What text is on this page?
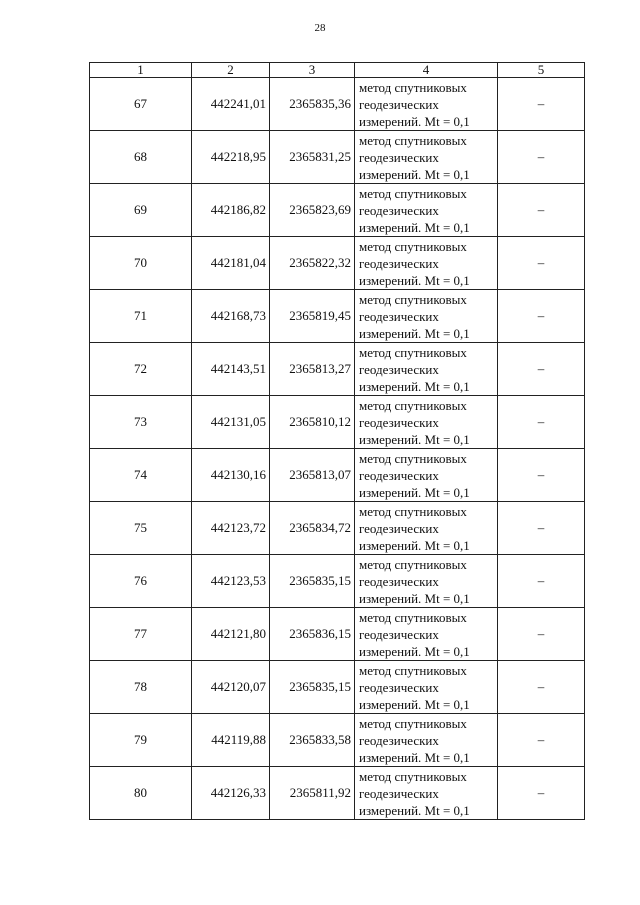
28
1	2	3	4	5
67	442241,01	2365835,36	метод спутниковых
геодезических
измерений. Mt = 0,1	–
68	442218,95	2365831,25	метод спутниковых
геодезических
измерений. Mt = 0,1	–
69	442186,82	2365823,69	метод спутниковых
геодезических
измерений. Mt = 0,1	–
70	442181,04	2365822,32	метод спутниковых
геодезических
измерений. Mt = 0,1	–
71	442168,73	2365819,45	метод спутниковых
геодезических
измерений. Mt = 0,1	–
72	442143,51	2365813,27	метод спутниковых
геодезических
измерений. Mt = 0,1	–
73	442131,05	2365810,12	метод спутниковых
геодезических
измерений. Mt = 0,1	–
74	442130,16	2365813,07	метод спутниковых
геодезических
измерений. Mt = 0,1	–
75	442123,72	2365834,72	метод спутниковых
геодезических
измерений. Mt = 0,1	–
76	442123,53	2365835,15	метод спутниковых
геодезических
измерений. Mt = 0,1	–
77	442121,80	2365836,15	метод спутниковых
геодезических
измерений. Mt = 0,1	–
78	442120,07	2365835,15	метод спутниковых
геодезических
измерений. Mt = 0,1	–
79	442119,88	2365833,58	метод спутниковых
геодезических
измерений. Mt = 0,1	–
80	442126,33	2365811,92	метод спутниковых
геодезических
измерений. Mt = 0,1	–
